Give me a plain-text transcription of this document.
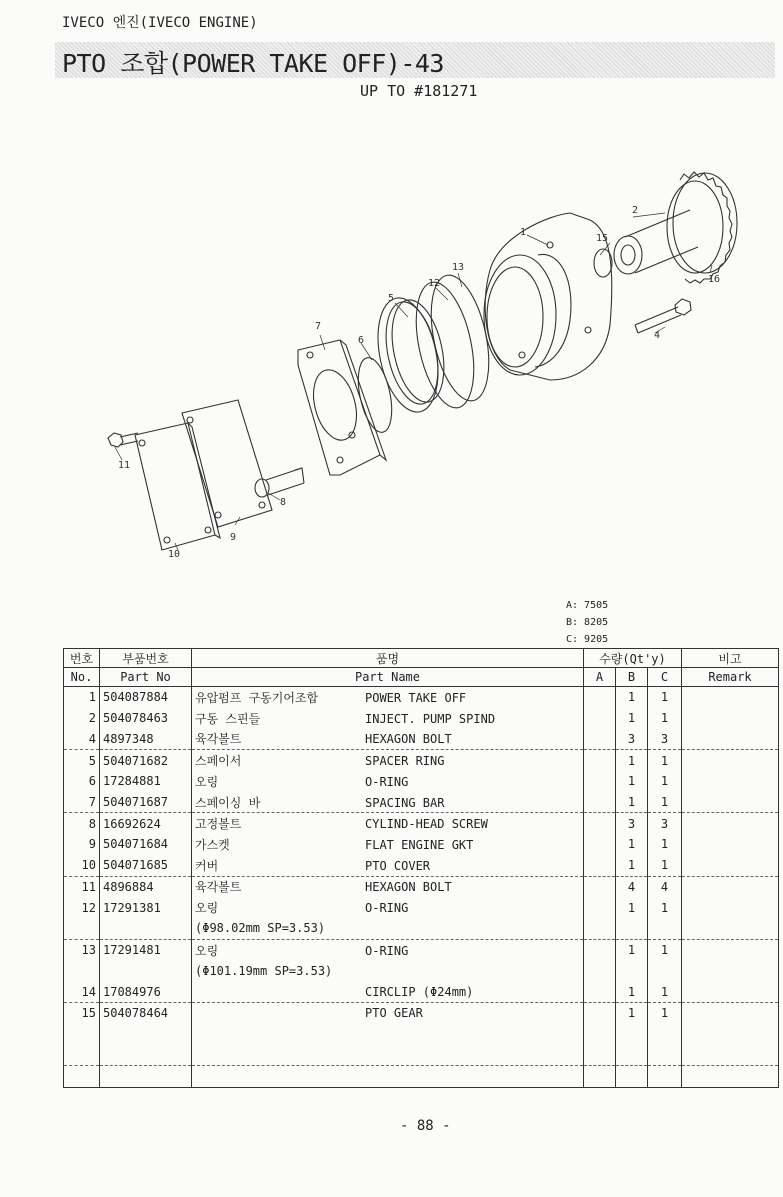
IVECO 엔진(IVECO ENGINE)
PTO 조합(POWER TAKE OFF)-43
UP TO #181271
1
2
4
5
6
7
8
9
10
11
12
13
15
16
A: 7505
B: 8205
C: 9205
번호	부품번호	품명	수량(Qt'y)			비고
No.	Part No	Part Name	A	B	C	Remark
1	504087884	유압펌프 구동기어조합 POWER TAKE OFF		1	1	
2	504078463	구동 스핀들 INJECT. PUMP SPIND		1	1	
4	4897348	육각볼트 HEXAGON BOLT		3	3	
5	504071682	스페이서 SPACER RING		1	1	
6	17284881	오링 O-RING		1	1	
7	504071687	스페이싱 바 SPACING BAR		1	1	
8	16692624	고정볼트 CYLIND-HEAD SCREW		3	3	
9	504071684	가스켓 FLAT ENGINE GKT		1	1	
10	504071685	커버 PTO COVER		1	1	
11	4896884	육각볼트 HEXAGON BOLT		4	4	
12	17291381	오링 O-RING		1	1	
		(Φ98.02mm SP=3.53)				
13	17291481	오링 O-RING		1	1	
		(Φ101.19mm SP=3.53)				
14	17084976	CIRCLIP (Φ24mm)		1	1	
15	504078464	PTO GEAR		1	1	

- 88 -
